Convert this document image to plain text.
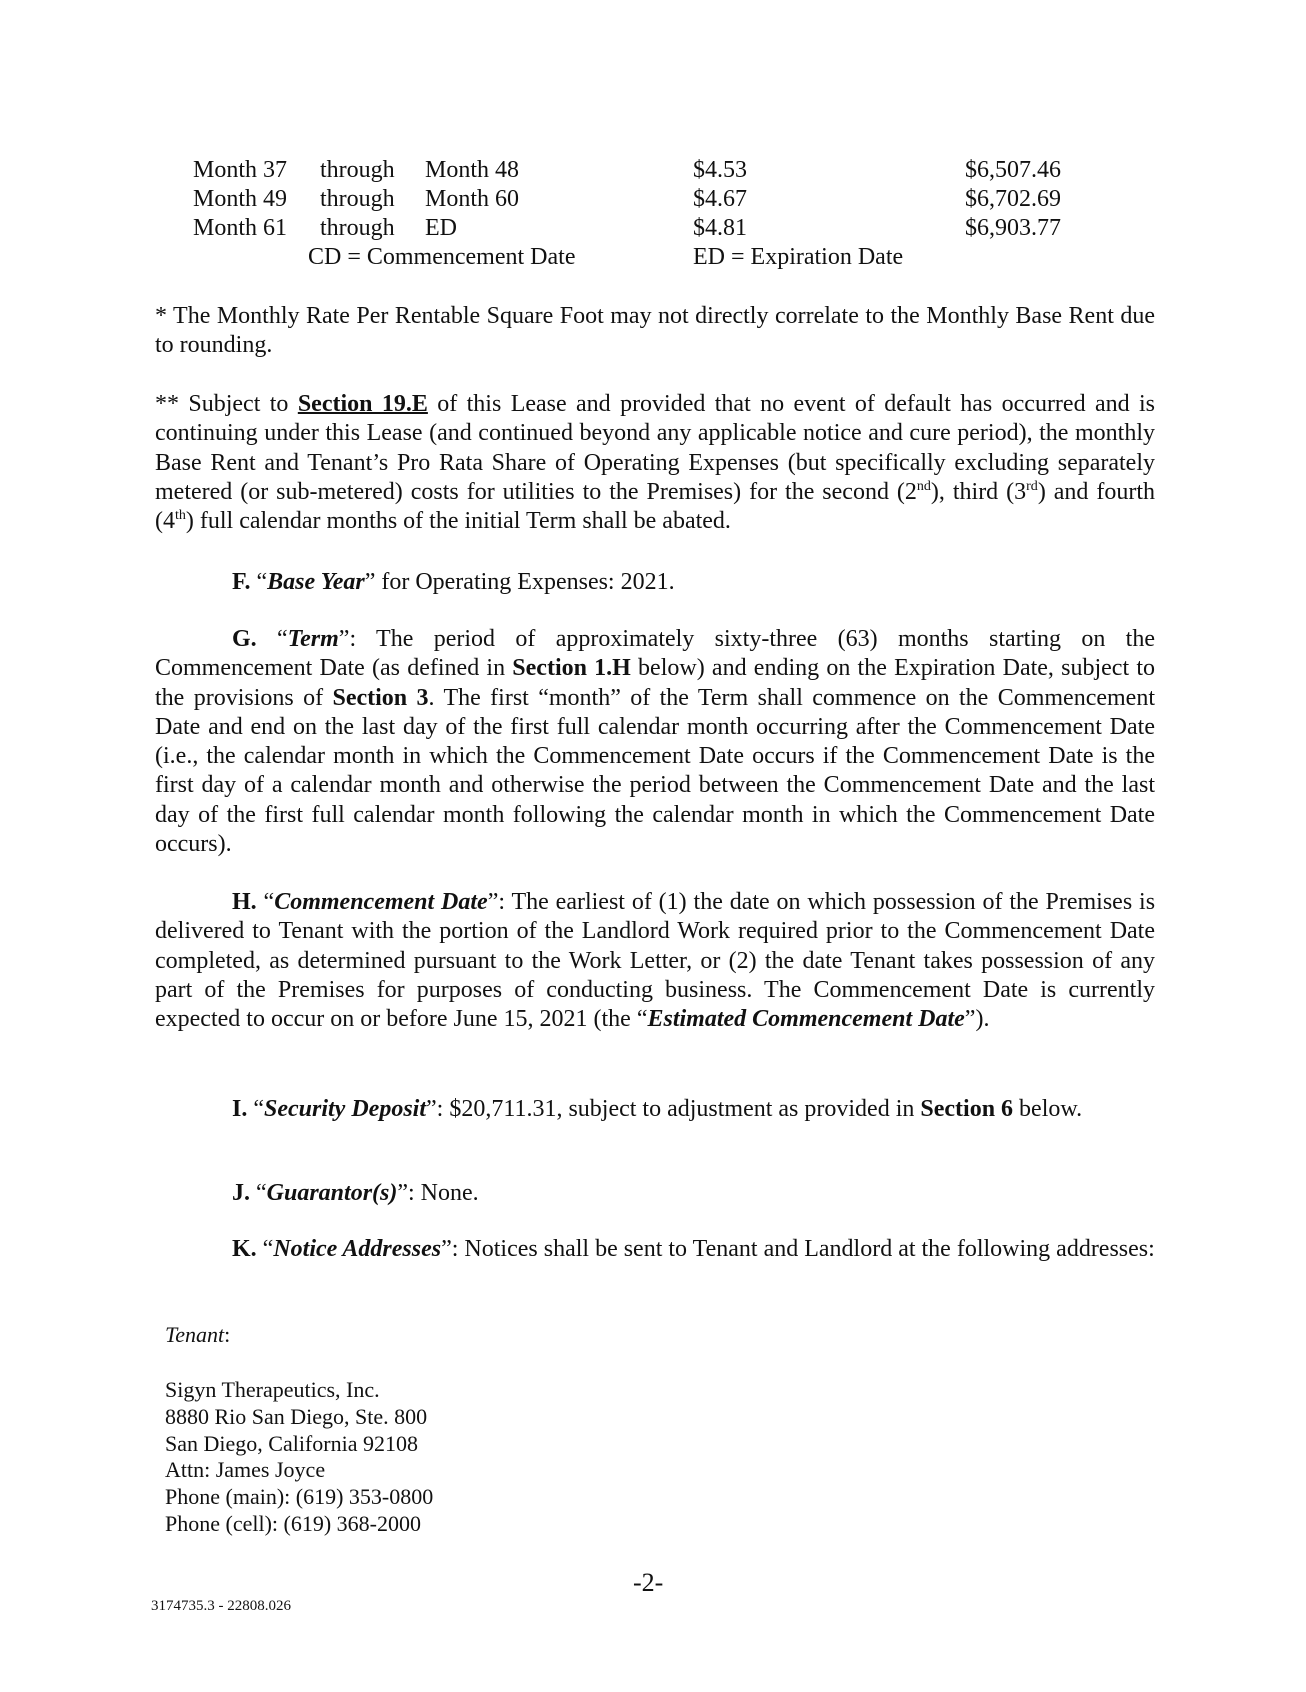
Month 37 through Month 48	$4.53	$6,507.46
Month 49 through Month 60	$4.67	$6,702.69
Month 61 through ED	$4.81	$6,903.77
CD = Commencement Date	ED = Expiration Date
* The Monthly Rate Per Rentable Square Foot may not directly correlate to the Monthly Base Rent due to rounding.
** Subject to Section 19.E of this Lease and provided that no event of default has occurred and is continuing under this Lease (and continued beyond any applicable notice and cure period), the monthly Base Rent and Tenant’s Pro Rata Share of Operating Expenses (but specifically excluding separately metered (or sub-metered) costs for utilities to the Premises) for the second (2nd), third (3rd) and fourth (4th) full calendar months of the initial Term shall be abated.
F. “Base Year” for Operating Expenses: 2021.
G. “Term”: The period of approximately sixty-three (63) months starting on the Commencement Date (as defined in Section 1.H below) and ending on the Expiration Date, subject to the provisions of Section 3. The first “month” of the Term shall commence on the Commencement Date and end on the last day of the first full calendar month occurring after the Commencement Date (i.e., the calendar month in which the Commencement Date occurs if the Commencement Date is the first day of a calendar month and otherwise the period between the Commencement Date and the last day of the first full calendar month following the calendar month in which the Commencement Date occurs).
H. “Commencement Date”: The earliest of (1) the date on which possession of the Premises is delivered to Tenant with the portion of the Landlord Work required prior to the Commencement Date completed, as determined pursuant to the Work Letter, or (2) the date Tenant takes possession of any part of the Premises for purposes of conducting business. The Commencement Date is currently expected to occur on or before June 15, 2021 (the “Estimated Commencement Date”).
I. “Security Deposit”: $20,711.31, subject to adjustment as provided in Section 6 below.
J. “Guarantor(s)”: None.
K. “Notice Addresses”: Notices shall be sent to Tenant and Landlord at the following addresses:
Tenant:
Sigyn Therapeutics, Inc.
8880 Rio San Diego, Ste. 800
San Diego, California 92108
Attn: James Joyce
Phone (main): (619) 353-0800
Phone (cell): (619) 368-2000
-2-
3174735.3 - 22808.026
